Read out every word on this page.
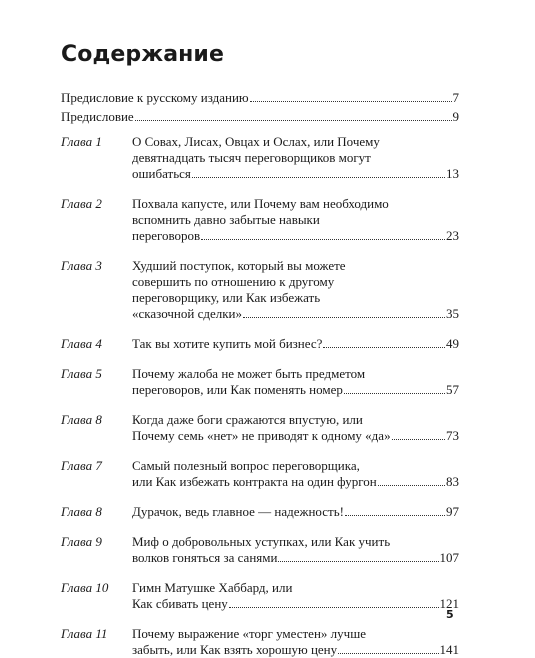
Содержание
Предисловие к русскому изданию	7
Предисловие	9
Глава 1	О Совах, Лисах, Овцах и Ослах, или Почему
девятнадцать тысяч переговорщиков могут
ошибаться	13
Глава 2	Похвала капусте, или Почему вам необходимо
вспомнить давно забытые навыки
переговоров	23
Глава 3	Худший поступок, который вы можете
совершить по отношению к другому
переговорщику, или Как избежать
«сказочной сделки»	35
Глава 4	Так вы хотите купить мой бизнес?	49
Глава 5	Почему жалоба не может быть предметом
переговоров, или Как поменять номер	57
Глава 8	Когда даже боги сражаются впустую, или
Почему семь «нет» не приводят к одному «да»	73
Глава 7	Самый полезный вопрос переговорщика,
или Как избежать контракта на один фургон	83
Глава 8	Дурачок, ведь главное — надежность!	97
Глава 9	Миф о добровольных уступках, или Как учить
волков гоняться за санями	107
Глава 10	Гимн Матушке Хаббард, или
Как сбивать цену	121
Глава 11	Почему выражение «торг уместен» лучше
забыть, или Как взять хорошую цену	141
5
